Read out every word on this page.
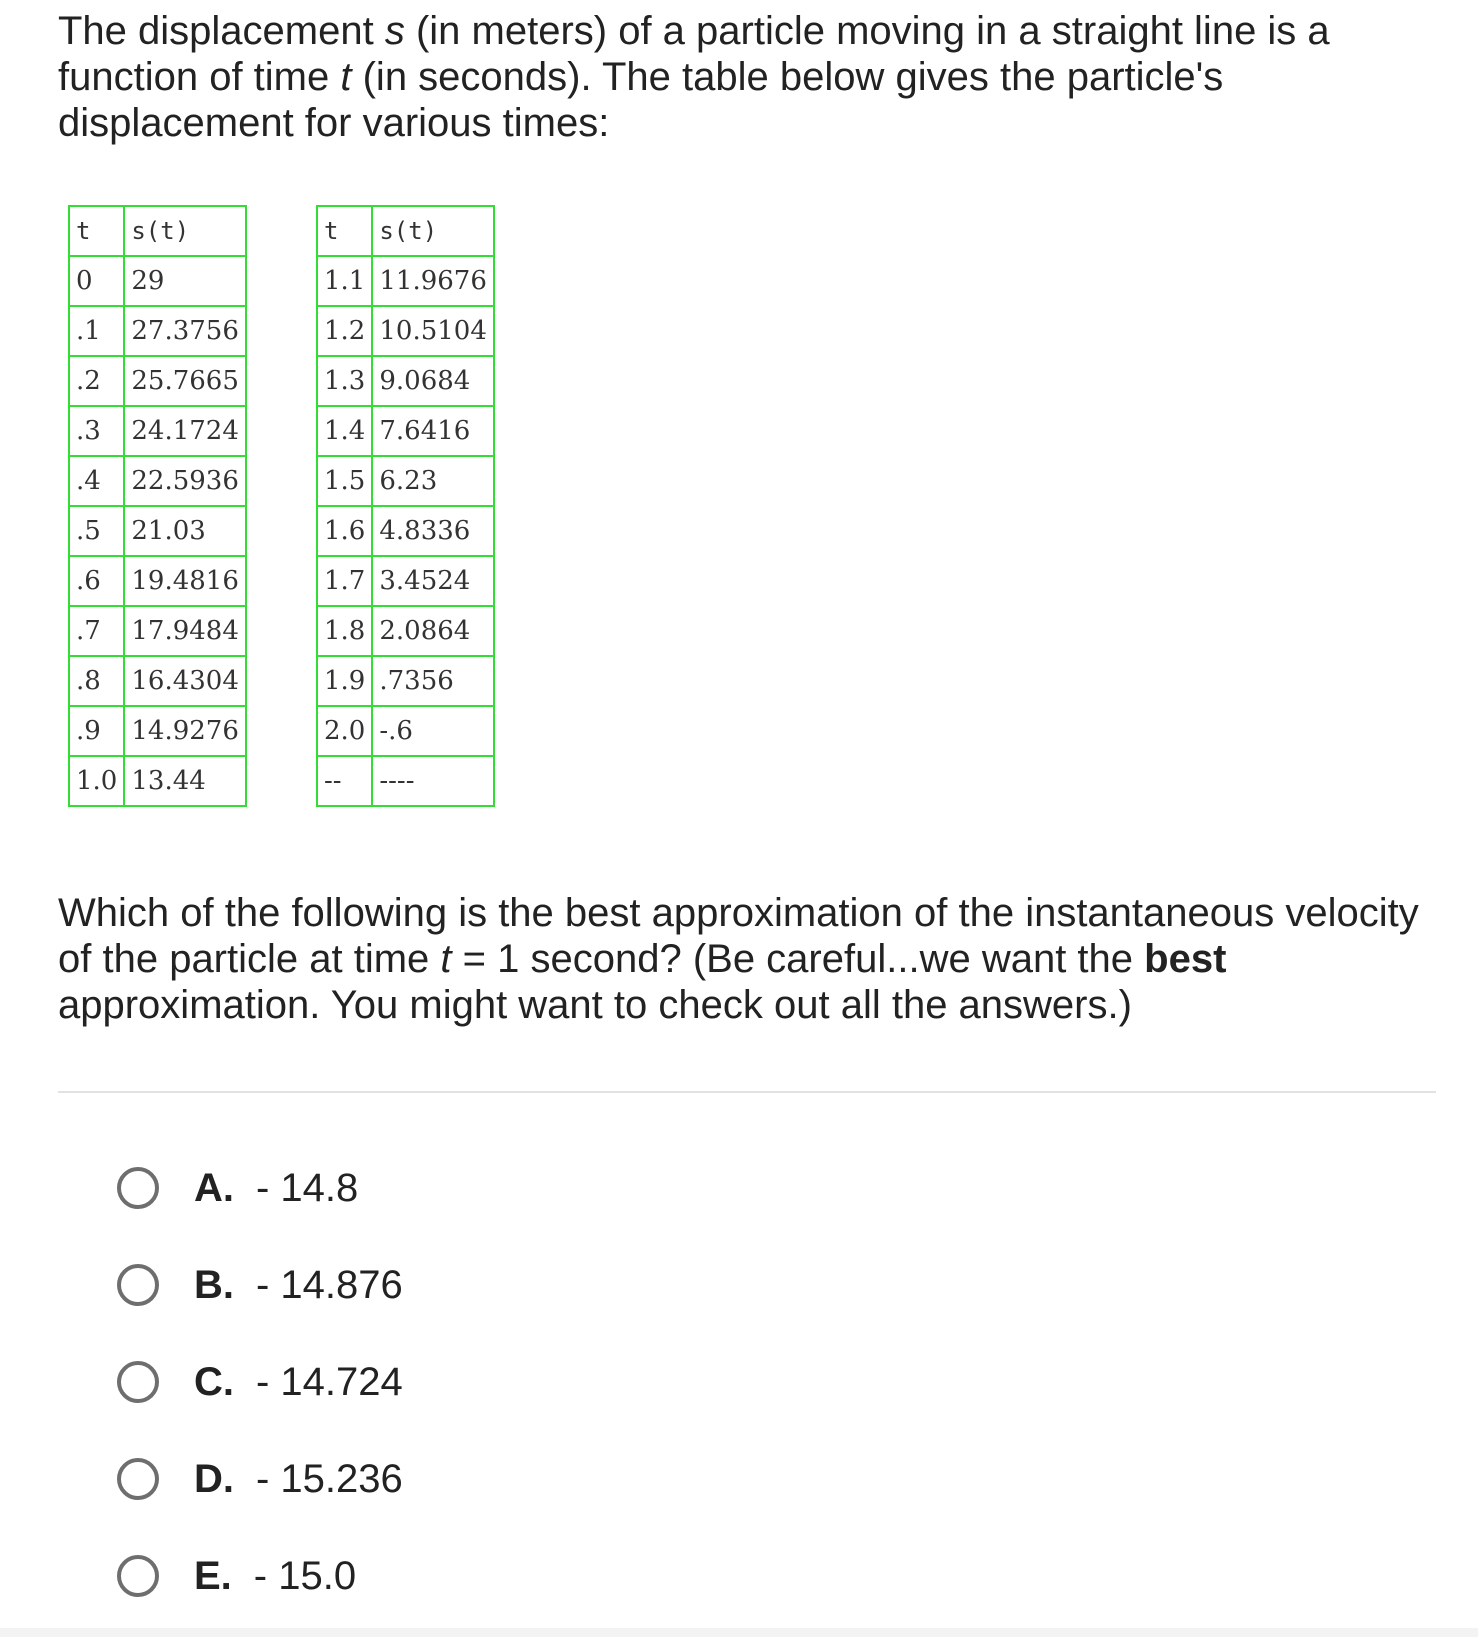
The displacement s (in meters) of a particle moving in a straight line is a function of time t (in seconds). The table below gives the particle's displacement for various times:

t	s(t)
0	29
.1	27.3756
.2	25.7665
.3	24.1724
.4	22.5936
.5	21.03
.6	19.4816
.7	17.9484
.8	16.4304
.9	14.9276
1.0	13.44
t	s(t)
1.1	11.9676
1.2	10.5104
1.3	9.0684
1.4	7.6416
1.5	6.23
1.6	4.8336
1.7	3.4524
1.8	2.0864
1.9	.7356
2.0	-.6
--	----

Which of the following is the best approximation of the instantaneous velocity of the particle at time t = 1 second? (Be careful...we want the best approximation. You might want to check out all the answers.)

A. - 14.8
B. - 14.876
C. - 14.724
D. - 15.236
E. - 15.0
